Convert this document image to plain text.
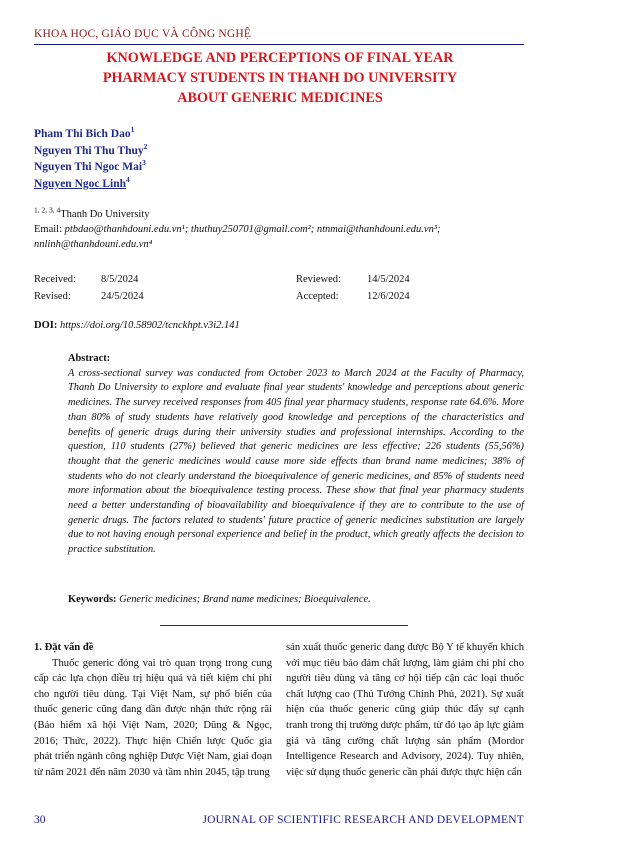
KHOA HỌC, GIÁO DỤC VÀ CÔNG NGHỆ
KNOWLEDGE AND PERCEPTIONS OF FINAL YEAR
PHARMACY STUDENTS IN THANH DO UNIVERSITY
ABOUT GENERIC MEDICINES
Pham Thi Bich Dao$^1$
Nguyen Thi Thu Thuy$^2$
Nguyen Thi Ngoc Mai$^3$
Nguyen Ngoc Linh$^4$
$^{1, 2, 3, 4}$Thanh Do University
Email: ptbdao@thanhdouni.edu.vn¹; thuthuy250701@gmail.com²; ntnmai@thanhdouni.edu.vn³; nnlinh@thanhdouni.edu.vn⁴
Received: 8/5/2024	Reviewed: 14/5/2024
Revised:	24/5/2024	Accepted:	12/6/2024
DOI: https://doi.org/10.58902/tcnckhpt.v3i2.141
Abstract:
A cross-sectional survey was conducted from October 2023 to March 2024 at the Faculty of Pharmacy, Thanh Do University to explore and evaluate final year students' knowledge and perceptions about generic medicines. The survey received responses from 405 final year pharmacy students, response rate 64.6%. More than 80% of study students have relatively good knowledge and perceptions of the characteristics and benefits of generic drugs during their university studies and professional internships. According to the question, 110 students (27%) believed that generic medicines are less effective; 226 students (55,56%) thought that the generic medicines would cause more side effects than brand name medicines; 38% of students who do not clearly understand the bioequivalence of generic medicines, and 85% of students need more information about the bioequivalence testing process. These show that final year pharmacy students need a better understanding of bioavailability and bioequivalence if they are to contribute to the use of generic drugs. The factors related to students' future practice of generic medicines substitution are largely due to not having enough personal experience and belief in the product, which greatly affects the decision to practice substitution.
Keywords: Generic medicines; Brand name medicines; Bioequivalence.
1. Đặt vấn đề
Thuốc generic đóng vai trò quan trọng trong cung cấp các lựa chọn điều trị hiệu quả và tiết kiệm chi phí cho người tiêu dùng. Tại Việt Nam, sự phổ biến của thuốc generic cũng đang dần được nhận thức rộng rãi (Bảo hiểm xã hội Việt Nam, 2020; Dũng & Ngọc, 2016; Thức, 2022). Thực hiện Chiến lược Quốc gia phát triển ngành công nghiệp Dược Việt Nam, giai đoạn từ năm 2021 đến năm 2030 và tầm nhìn 2045, tập trung
sản xuất thuốc generic đang được Bộ Y tế khuyến khích với mục tiêu bảo đảm chất lượng, làm giảm chi phí cho người tiêu dùng và tăng cơ hội tiếp cận các loại thuốc chất lượng cao (Thủ Tướng Chính Phủ, 2021). Sự xuất hiện của thuốc generic cũng giúp thúc đẩy sự cạnh tranh trong thị trường dược phẩm, từ đó tạo áp lực giảm giá và tăng cường chất lượng sản phẩm (Mordor Intelligence Research and Advisory, 2024). Tuy nhiên, việc sử dụng thuốc generic cần phải được thực hiện cẩn
30	JOURNAL OF SCIENTIFIC RESEARCH AND DEVELOPMENT
